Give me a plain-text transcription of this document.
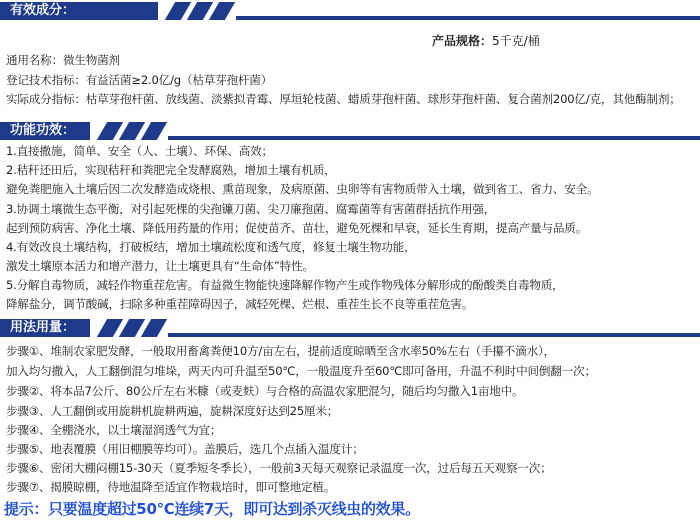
有效成分：
产品规格：5千克/桶
通用名称：微生物菌剂
登记技术指标：有益活菌≥2.0亿/g（枯草芽孢杆菌）
实际成分指标：枯草芽孢杆菌、放线菌、淡紫拟青霉、厚垣轮枝菌、蜡质芽孢杆菌、球形芽孢杆菌、复合菌剂200亿/克，其他酶制剂；
功能功效：
1.直接撒施，简单、安全（人、土壤）、环保、高效；
2.秸秆还田后，实现秸秆和粪肥完全发酵腐熟，增加土壤有机质，
避免粪肥施入土壤后因二次发酵造成烧根、熏苗现象，及病原菌、虫卵等有害物质带入土壤，做到省工、省力、安全。
3.协调土壤微生态平衡，对引起死棵的尖孢镰刀菌、尖刀廉孢菌、腐霉菌等有害菌群括抗作用强，
起到预防病害、净化土壤、降低用药量的作用；促使苗齐、苗壮，避免死棵和早衰，延长生育期，提高产量与品质。
4.有效改良土壤结构，打破板结，增加土壤疏松度和透气度，修复土壤生物功能，
激发土壤原本活力和增产潜力，让土壤更具有“生命体”特性。
5.分解自毒物质，减轻作物重茬危害。有益微生物能快速降解作物产生或作物残体分解形成的酚酸类自毒物质，
降解盐分，调节酸碱，扫除多种重茬障碍因子，减轻死棵、烂根、重茬生长不良等重茬危害。
用法用量：
步骤①、堆制农家肥发酵，一般取用畜禽粪便10方/亩左右，提前适度晾晒至含水率50%左右（手攥不滴水），
加入均匀撒入，人工翻倒混匀堆垛，两天内可升温至50℃，一般温度升至60℃即可备用，升温不利时中间倒翻一次；
步骤②、将本品7公斤、80公斤左右米糠（或麦麸）与合格的高温农家肥混匀，随后均匀撒入1亩地中。
步骤③、人工翻倒或用旋耕机旋耕两遍，旋耕深度好达到25厘米；
步骤④、全棚浇水，以土壤湿润透气为宜；
步骤⑤、地表覆膜（用旧棚膜等均可）。盖膜后，选几个点插入温度计；
步骤⑥、密闭大棚闷棚15-30天（夏季短冬季长），一般前3天每天观察记录温度一次，过后每五天观察一次；
步骤⑦、揭膜晾棚，待地温降至适宜作物栽培时，即可整地定植。
提示：只要温度超过50℃连续7天，即可达到杀灭线虫的效果。
